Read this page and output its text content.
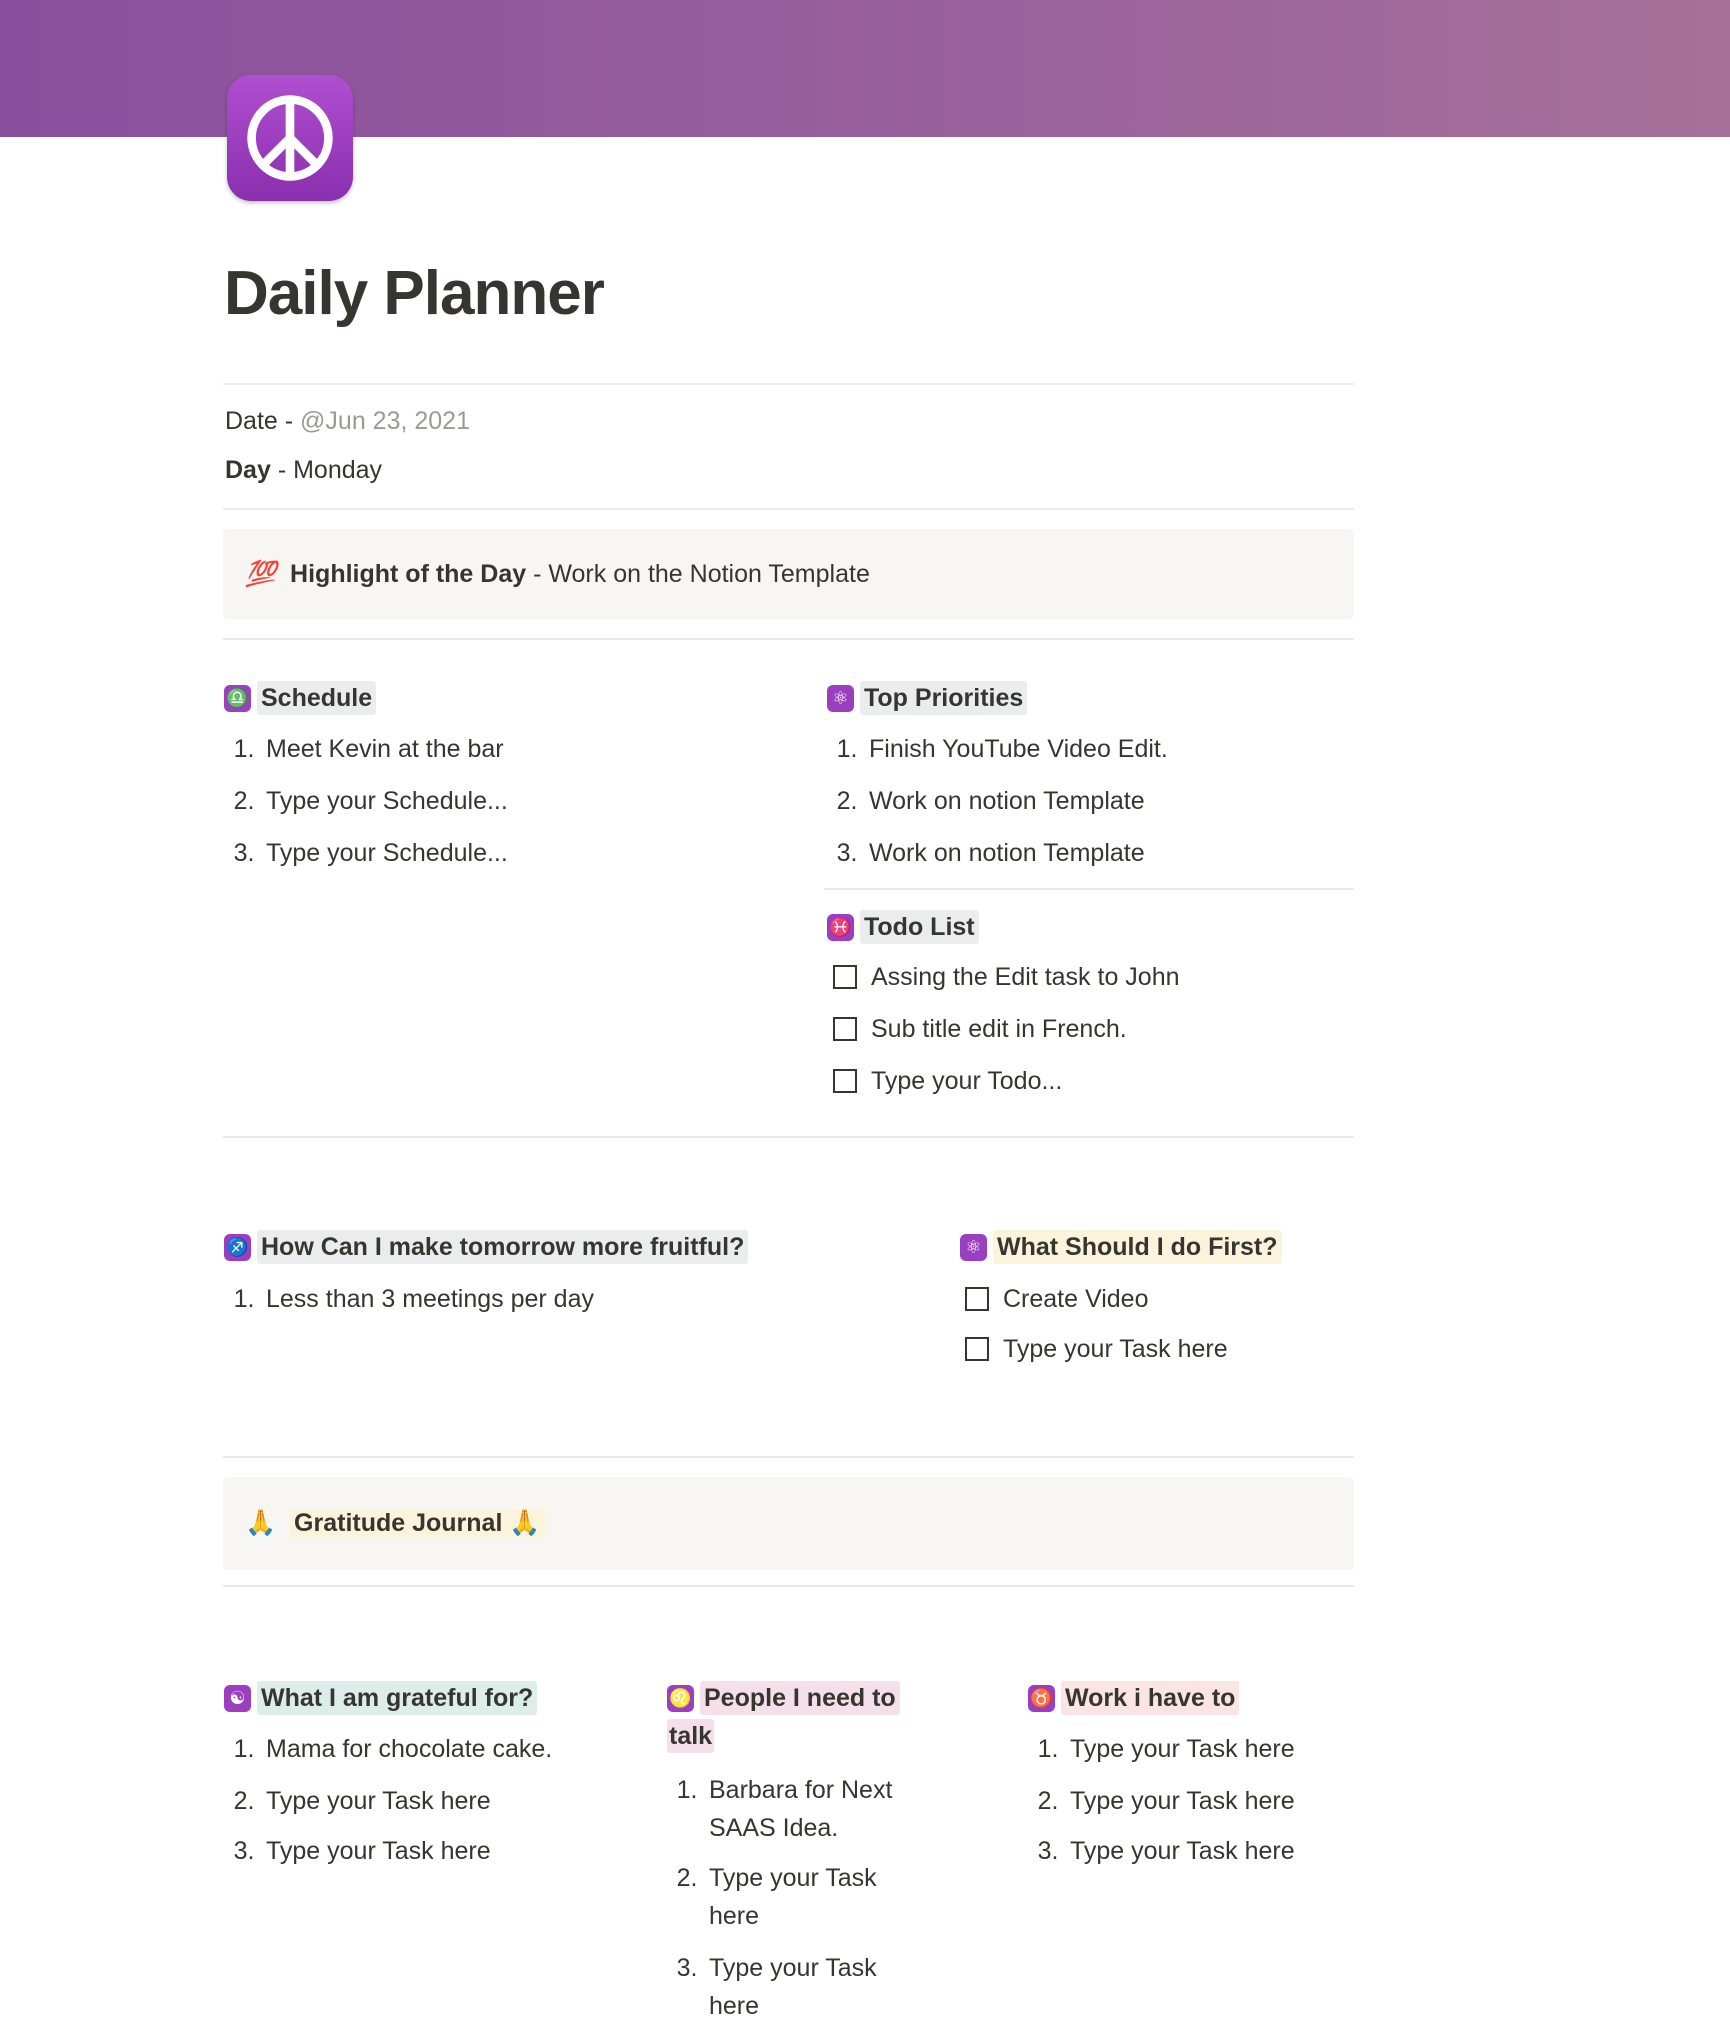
Daily Planner
Date - @Jun 23, 2021
Day - Monday
💯 Highlight of the Day - Work on the Notion Template
♎ Schedule
1. Meet Kevin at the bar
2. Type your Schedule...
3. Type your Schedule...
⚛ Top Priorities
1. Finish YouTube Video Edit.
2. Work on notion Template
3. Work on notion Template
♓ Todo List
Assing the Edit task to John
Sub title edit in French.
Type your Todo...
♐ How Can I make tomorrow more fruitful?
1. Less than 3 meetings per day
⚛ What Should I do First?
Create Video
Type your Task here
🙏 Gratitude Journal 🙏
☯ What I am grateful for?
1. Mama for chocolate cake.
2. Type your Task here
3. Type your Task here
♌ People I need to
talk
1. Barbara for Next
SAAS Idea.
2. Type your Task
here
3. Type your Task
here
♉ Work i have to
1. Type your Task here
2. Type your Task here
3. Type your Task here
